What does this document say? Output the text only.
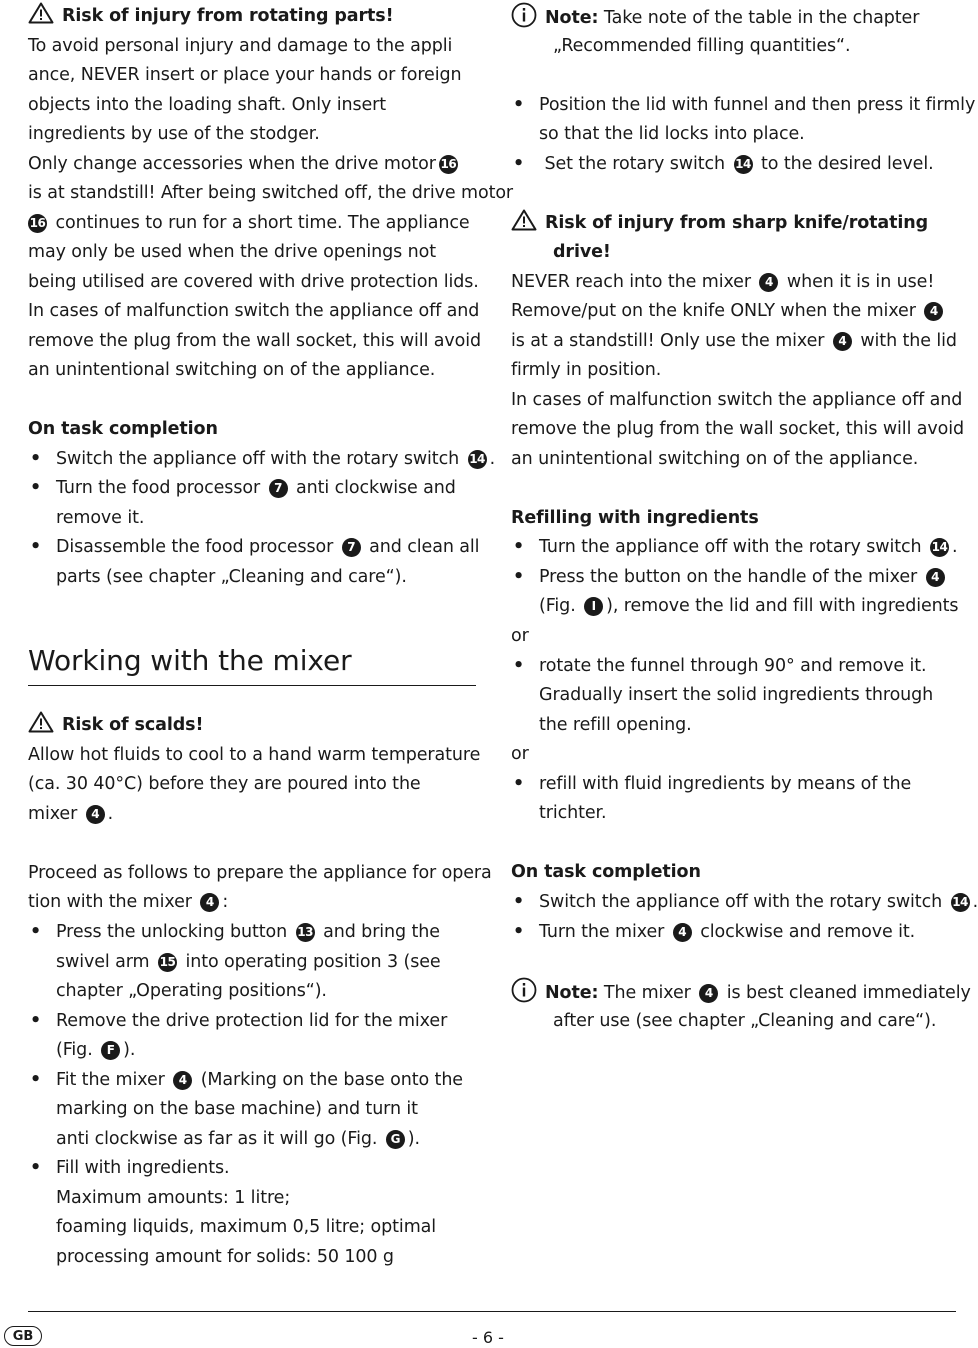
Risk of injury from rotating parts!
To avoid personal injury and damage to the appli
ance, NEVER insert or place your hands or foreign
objects into the loading shaft. Only insert
ingredients by use of the stodger.
Only change accessories when the drive motor 16
is at standstill! After being switched off, the drive motor
16 continues to run for a short time. The appliance
may only be used when the drive openings not
being utilised are covered with drive protection lids.
In cases of malfunction switch the appliance off and
remove the plug from the wall socket, this will avoid
an unintentional switching on of the appliance.
On task completion
• Switch the appliance off with the rotary switch 14 .
• Turn the food processor 7 anti clockwise and
remove it.
• Disassemble the food processor 7 and clean all
parts (see chapter „Cleaning and care“).
Working with the mixer
Risk of scalds!
Allow hot fluids to cool to a hand warm temperature
(ca. 30 40°C) before they are poured into the
mixer 4 .
Proceed as follows to prepare the appliance for opera
tion with the mixer 4 :
• Press the unlocking button 13 and bring the
swivel arm 15 into operating position 3 (see
chapter „Operating positions“).
• Remove the drive protection lid for the mixer
(Fig. F ).
• Fit the mixer 4 (Marking on the base onto the
marking on the base machine) and turn it
anti clockwise as far as it will go (Fig. G ).
• Fill with ingredients.
Maximum amounts: 1 litre;
foaming liquids, maximum 0,5 litre; optimal
processing amount for solids: 50 100 g
Note: Take note of the table in the chapter
„Recommended filling quantities“.
• Position the lid with funnel and then press it firmly
so that the lid locks into place.
• Set the rotary switch 14 to the desired level.
Risk of injury from sharp knife/rotating
drive!
NEVER reach into the mixer 4 when it is in use!
Remove/put on the knife ONLY when the mixer 4
is at a standstill! Only use the mixer 4 with the lid
firmly in position.
In cases of malfunction switch the appliance off and
remove the plug from the wall socket, this will avoid
an unintentional switching on of the appliance.
Refilling with ingredients
• Turn the appliance off with the rotary switch 14 .
• Press the button on the handle of the mixer 4
(Fig. I ), remove the lid and fill with ingredients
or
• rotate the funnel through 90° and remove it.
Gradually insert the solid ingredients through
the refill opening.
or
• refill with fluid ingredients by means of the
trichter.
On task completion
• Switch the appliance off with the rotary switch 14 .
• Turn the mixer 4 clockwise and remove it.
Note: The mixer 4 is best cleaned immediately
after use (see chapter „Cleaning and care“).
GB	- 6 -
